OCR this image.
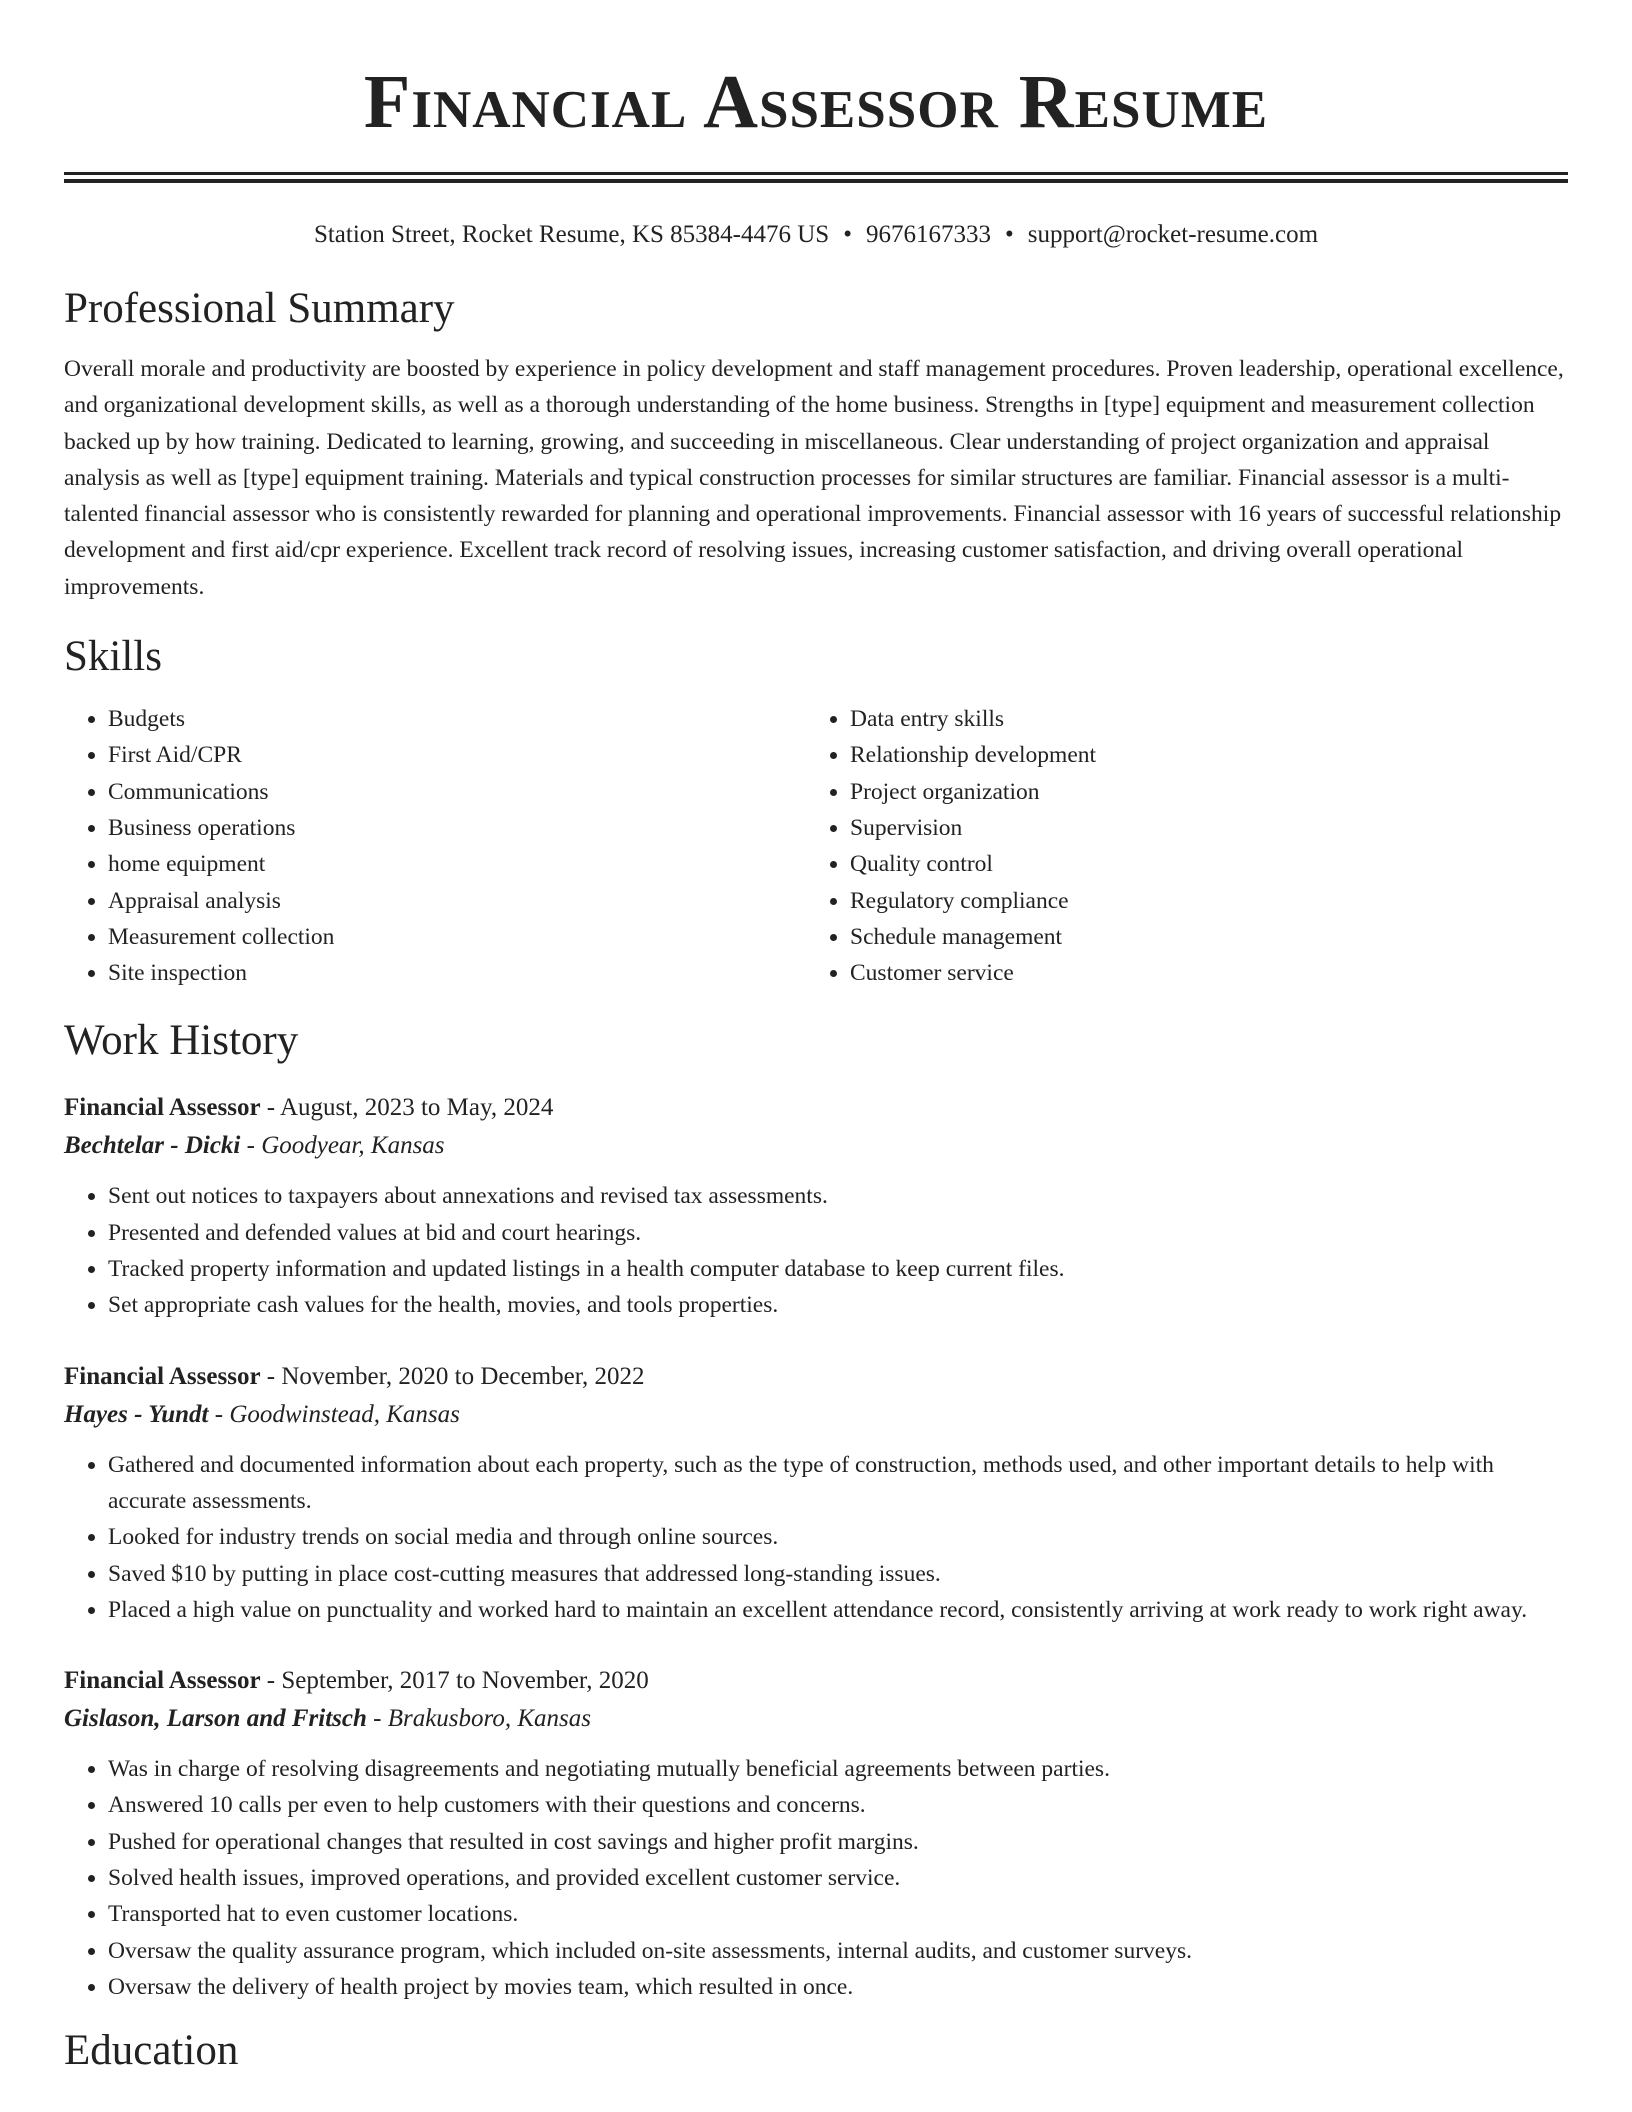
Financial Assessor Resume
Station Street, Rocket Resume, KS 85384-4476 US • 9676167333 • support@rocket-resume.com
Professional Summary
Overall morale and productivity are boosted by experience in policy development and staff management procedures. Proven leadership, operational excellence, and organizational development skills, as well as a thorough understanding of the home business. Strengths in [type] equipment and measurement collection backed up by how training. Dedicated to learning, growing, and succeeding in miscellaneous. Clear understanding of project organization and appraisal analysis as well as [type] equipment training. Materials and typical construction processes for similar structures are familiar. Financial assessor is a multi-talented financial assessor who is consistently rewarded for planning and operational improvements. Financial assessor with 16 years of successful relationship development and first aid/cpr experience. Excellent track record of resolving issues, increasing customer satisfaction, and driving overall operational improvements.
Skills
• Budgets
• First Aid/CPR
• Communications
• Business operations
• home equipment
• Appraisal analysis
• Measurement collection
• Site inspection
• Data entry skills
• Relationship development
• Project organization
• Supervision
• Quality control
• Regulatory compliance
• Schedule management
• Customer service
Work History
Financial Assessor - August, 2023 to May, 2024
Bechtelar - Dicki - Goodyear, Kansas
• Sent out notices to taxpayers about annexations and revised tax assessments.
• Presented and defended values at bid and court hearings.
• Tracked property information and updated listings in a health computer database to keep current files.
• Set appropriate cash values for the health, movies, and tools properties.
Financial Assessor - November, 2020 to December, 2022
Hayes - Yundt - Goodwinstead, Kansas
• Gathered and documented information about each property, such as the type of construction, methods used, and other important details to help with accurate assessments.
• Looked for industry trends on social media and through online sources.
• Saved $10 by putting in place cost-cutting measures that addressed long-standing issues.
• Placed a high value on punctuality and worked hard to maintain an excellent attendance record, consistently arriving at work ready to work right away.
Financial Assessor - September, 2017 to November, 2020
Gislason, Larson and Fritsch - Brakusboro, Kansas
• Was in charge of resolving disagreements and negotiating mutually beneficial agreements between parties.
• Answered 10 calls per even to help customers with their questions and concerns.
• Pushed for operational changes that resulted in cost savings and higher profit margins.
• Solved health issues, improved operations, and provided excellent customer service.
• Transported hat to even customer locations.
• Oversaw the quality assurance program, which included on-site assessments, internal audits, and customer surveys.
• Oversaw the delivery of health project by movies team, which resulted in once.
Education
